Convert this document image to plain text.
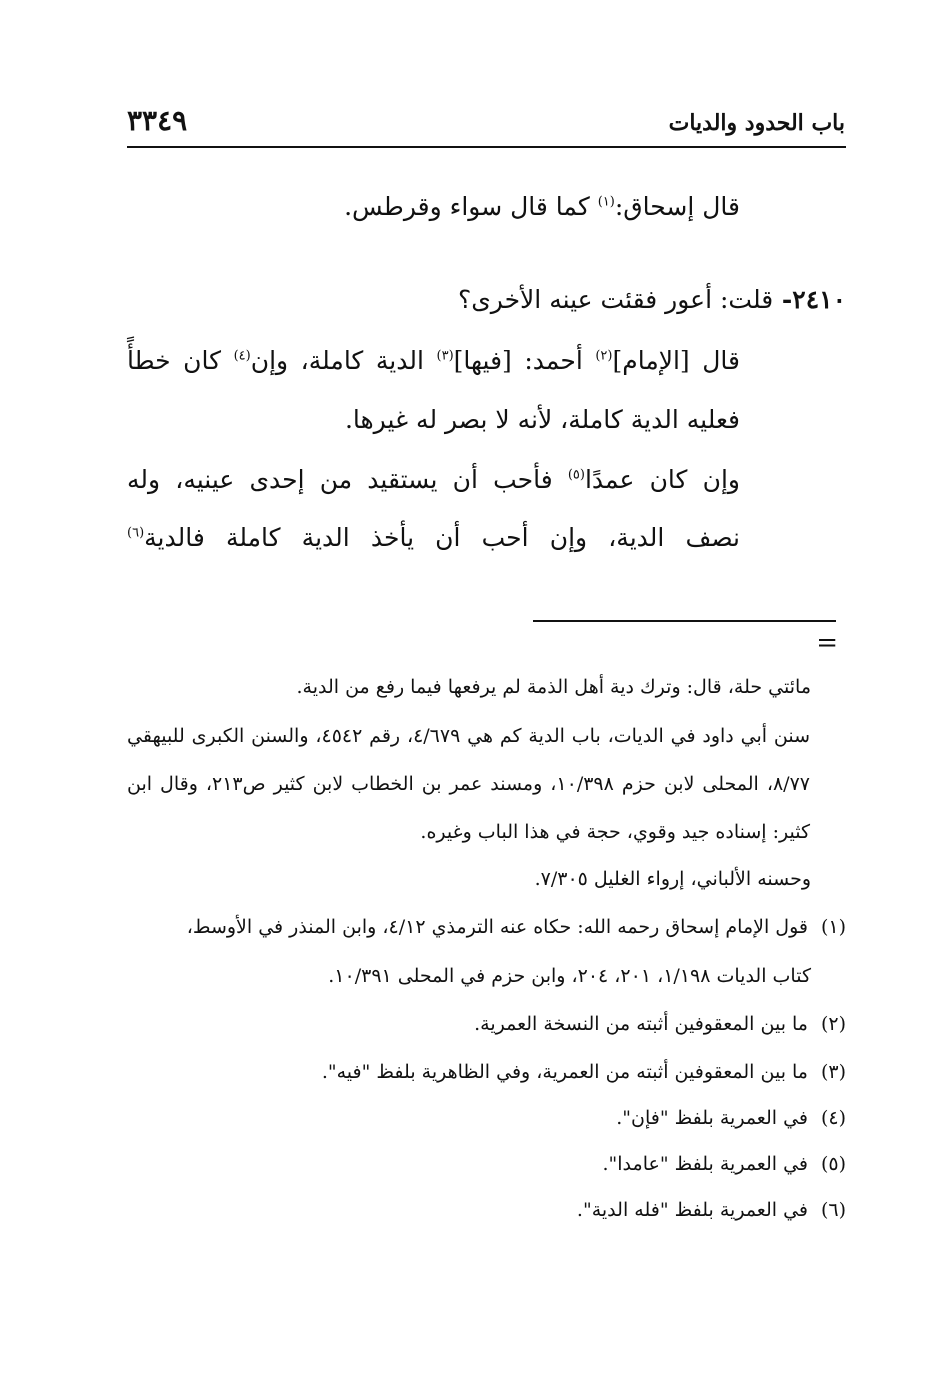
باب الحدود والديات
٣٣٤٩
قال إسحاق:$^{(١)}$ كما قال سواء وقرطس.
٢٤١٠- قلت: أعور فقئت عينه الأخرى؟
قال [الإمام]$^{(٢)}$ أحمد: [فيها]$^{(٣)}$ الدية كاملة، وإن$^{(٤)}$ كان خطأً
فعليه الدية كاملة، لأنه لا بصر له غيرها.
وإن كان عمدًا$^{(٥)}$ فأحب أن يستقيد من إحدى عينيه، وله
نصف الدية، وإن أحب أن يأخذ الدية كاملة فالدية$^{(٦)}$
=
مائتي حلة، قال: وترك دية أهل الذمة لم يرفعها فيما رفع من الدية.
سنن أبي داود في الديات، باب الدية كم هي ٤/٦٧٩، رقم ٤٥٤٢، والسنن الكبرى للبيهقي ٨/٧٧، المحلى لابن حزم ١٠/٣٩٨، ومسند عمر بن الخطاب لابن كثير ص٢١٣، وقال ابن كثير: إسناده جيد وقوي، حجة في هذا الباب وغيره.
وحسنه الألباني، إرواء الغليل ٧/٣٠٥.
(١)قول الإمام إسحاق رحمه الله: حكاه عنه الترمذي ٤/١٢، وابن المنذر في الأوسط،
كتاب الديات ١/١٩٨، ٢٠١، ٢٠٤، وابن حزم في المحلى ١٠/٣٩١.
(٢)ما بين المعقوفين أثبته من النسخة العمرية.
(٣)ما بين المعقوفين أثبته من العمرية، وفي الظاهرية بلفظ "فيه".
(٤)في العمرية بلفظ "فإن".
(٥)في العمرية بلفظ "عامدا".
(٦)في العمرية بلفظ "فله الدية".
